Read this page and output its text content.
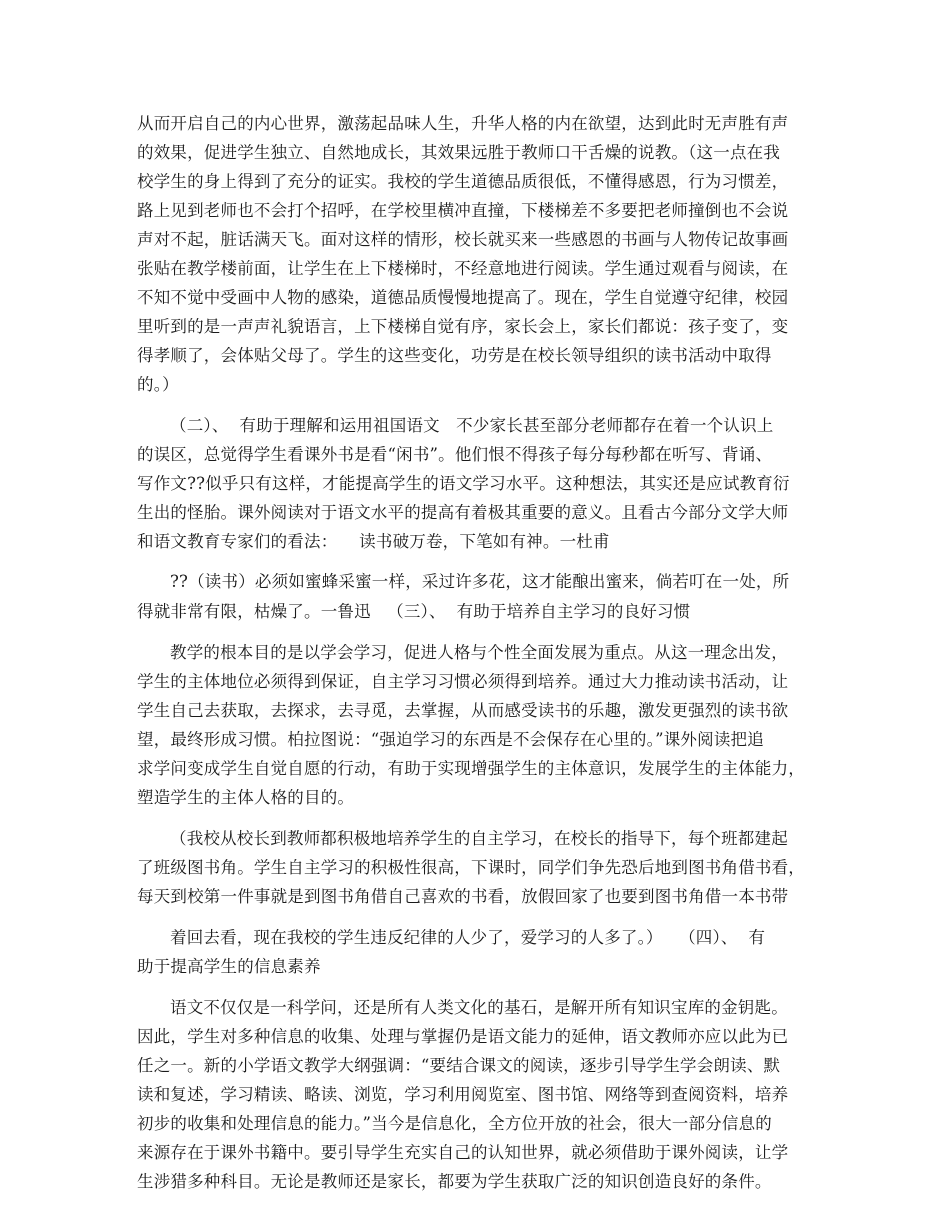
从而开启自己的内心世界，激荡起品味人生，升华人格的内在欲望，达到此时无声胜有声
的效果，促进学生独立、自然地成长，其效果远胜于教师口干舌燥的说教。（这一点在我
校学生的身上得到了充分的证实。我校的学生道德品质很低，不懂得感恩，行为习惯差，
路上见到老师也不会打个招呼，在学校里横冲直撞，下楼梯差不多要把老师撞倒也不会说
声对不起，脏话满天飞。面对这样的情形，校长就买来一些感恩的书画与人物传记故事画
张贴在教学楼前面，让学生在上下楼梯时，不经意地进行阅读。学生通过观看与阅读，在
不知不觉中受画中人物的感染，道德品质慢慢地提高了。现在，学生自觉遵守纪律，校园
里听到的是一声声礼貌语言，上下楼梯自觉有序，家长会上，家长们都说：孩子变了，变
得孝顺了，会体贴父母了。学生的这些变化，功劳是在校长领导组织的读书活动中取得
的。）
（二）、  有助于理解和运用祖国语文   不少家长甚至部分老师都存在着一个认识上
的误区，总觉得学生看课外书是看“闲书”。他们恨不得孩子每分每秒都在听写、背诵、
写作文??似乎只有这样，才能提高学生的语文学习水平。这种想法，其实还是应试教育衍
生出的怪胎。课外阅读对于语文水平的提高有着极其重要的意义。且看古今部分文学大师
和语文教育专家们的看法：    读书破万卷，下笔如有神。一杜甫
??（读书）必须如蜜蜂采蜜一样，采过许多花，这才能酿出蜜来，倘若叮在一处，所
得就非常有限，枯燥了。一鲁迅   （三）、  有助于培养自主学习的良好习惯
教学的根本目的是以学会学习，促进人格与个性全面发展为重点。从这一理念出发，
学生的主体地位必须得到保证，自主学习习惯必须得到培养。通过大力推动读书活动，让
学生自己去获取，去探求，去寻觅，去掌握，从而感受读书的乐趣，激发更强烈的读书欲
望，最终形成习惯。柏拉图说：“强迫学习的东西是不会保存在心里的。”课外阅读把追
求学问变成学生自觉自愿的行动，有助于实现增强学生的主体意识，发展学生的主体能力，
塑造学生的主体人格的目的。
（我校从校长到教师都积极地培养学生的自主学习，在校长的指导下，每个班都建起
了班级图书角。学生自主学习的积极性很高，下课时，同学们争先恐后地到图书角借书看，
每天到校第一件事就是到图书角借自己喜欢的书看，放假回家了也要到图书角借一本书带
着回去看，现在我校的学生违反纪律的人少了，爱学习的人多了。）   （四）、  有
助于提高学生的信息素养
语文不仅仅是一科学问，还是所有人类文化的基石，是解开所有知识宝库的金钥匙。
因此，学生对多种信息的收集、处理与掌握仍是语文能力的延伸，语文教师亦应以此为已
任之一。新的小学语文教学大纲强调：“要结合课文的阅读，逐步引导学生学会朗读、默
读和复述，学习精读、略读、浏览，学习利用阅览室、图书馆、网络等到查阅资料，培养
初步的收集和处理信息的能力。”当今是信息化，全方位开放的社会，很大一部分信息的
来源存在于课外书籍中。要引导学生充实自己的认知世界，就必须借助于课外阅读，让学
生涉猎多种科目。无论是教师还是家长，都要为学生获取广泛的知识创造良好的条件。
